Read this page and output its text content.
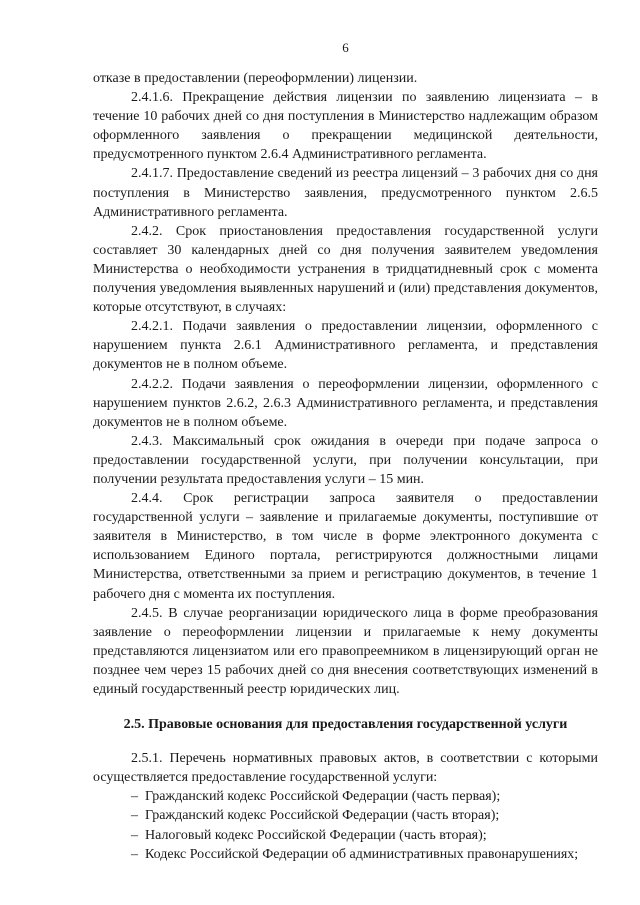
6

отказе в предоставлении (переоформлении) лицензии.

2.4.1.6. Прекращение действия лицензии по заявлению лицензиата – в течение 10 рабочих дней со дня поступления в Министерство надлежащим образом оформленного заявления о прекращении медицинской деятельности, предусмотренного пунктом 2.6.4 Административного регламента.

2.4.1.7. Предоставление сведений из реестра лицензий – 3 рабочих дня со дня поступления в Министерство заявления, предусмотренного пунктом 2.6.5 Административного регламента.

2.4.2. Срок приостановления предоставления государственной услуги составляет 30 календарных дней со дня получения заявителем уведомления Министерства о необходимости устранения в тридцатидневный срок с момента получения уведомления выявленных нарушений и (или) представления документов, которые отсутствуют, в случаях:

2.4.2.1. Подачи заявления о предоставлении лицензии, оформленного с нарушением пункта 2.6.1 Административного регламента, и представления документов не в полном объеме.

2.4.2.2. Подачи заявления о переоформлении лицензии, оформленного с нарушением пунктов 2.6.2, 2.6.3 Административного регламента, и представления документов не в полном объеме.

2.4.3. Максимальный срок ожидания в очереди при подаче запроса о предоставлении государственной услуги, при получении консультации, при получении результата предоставления услуги – 15 мин.

2.4.4. Срок регистрации запроса заявителя о предоставлении государственной услуги – заявление и прилагаемые документы, поступившие от заявителя в Министерство, в том числе в форме электронного документа с использованием Единого портала, регистрируются должностными лицами Министерства, ответственными за прием и регистрацию документов, в течение 1 рабочего дня с момента их поступления.

2.4.5. В случае реорганизации юридического лица в форме преобразования заявление о переоформлении лицензии и прилагаемые к нему документы представляются лицензиатом или его правопреемником в лицензирующий орган не позднее чем через 15 рабочих дней со дня внесения соответствующих изменений в единый государственный реестр юридических лиц.

2.5. Правовые основания для предоставления государственной услуги

2.5.1. Перечень нормативных правовых актов, в соответствии с которыми осуществляется предоставление государственной услуги:

– Гражданский кодекс Российской Федерации (часть первая);

– Гражданский кодекс Российской Федерации (часть вторая);

– Налоговый кодекс Российской Федерации (часть вторая);

– Кодекс Российской Федерации об административных правонарушениях;
